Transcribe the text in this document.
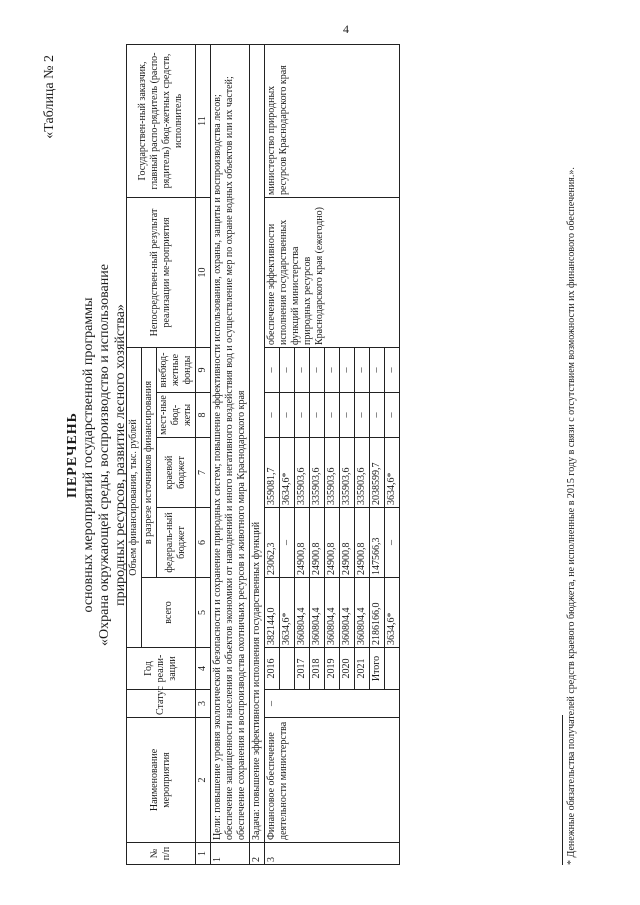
4
«Таблица № 2
ПЕРЕЧЕНЬ основных мероприятий государственной программы «Охрана окружающей среды, воспроизводство и использование природных ресурсов, развитие лесного хозяйства»
№ п/п	Наименование мероприятия	Статус	Год реали-зации	Объем финансирования, тыс. рублей					Непосредствен-ный результат реализации ме-роприятия	Государствен-ный заказчик, главный распо-рядитель (распо-рядитель) бюд-жетных средств, исполнитель
				всего	в разрезе источников финансирования					
					федераль-ный бюджет	краевой бюджет	мест-ные бюд-жеты	внебюд-жетные фонды		
1	2	3	4	5	6	7	8	9	10	11
1	Цели: повышение уровня экологической безопасности и сохранение природных систем; повышение эффективности использования, охраны, защиты и воспроизводства лесов; обеспечение защищенности населения и объектов экономики от наводнений и иного негативного воздействия вод и осуществление мер по охране водных объектов или их частей; обеспечение сохранения и воспроизводства охотничьих ресурсов и животного мира Краснодарского края									
2	Задача: повышение эффективности исполнения государственных функций									
3	Финансовое обеспечение деятельности министерства	–	2016	382144,0	23062,3	359081,7	–	–	обеспечение эффективности исполнения государственных функций министерства природных ресурсов Краснодарского края (ежегодно)	министерство природных ресурсов Краснодарского края
				3634,6*	–	3634,6*	–	–		
			2017	360804,4	24900,8	335903,6	–	–		
			2018	360804,4	24900,8	335903,6	–	–		
			2019	360804,4	24900,8	335903,6	–	–		
			2020	360804,4	24900,8	335903,6	–	–		
			2021	360804,4	24900,8	335903,6	–	–		
			Итого	2186166,0	147566,3	2038599,7	–	–		
				3634,6*	–	3634,6*	–	–			* Денежные обязательства получателей средств краевого бюджета, не исполненные в 2015 году в связи с отсутствием возможности их финансового обеспечения.».
